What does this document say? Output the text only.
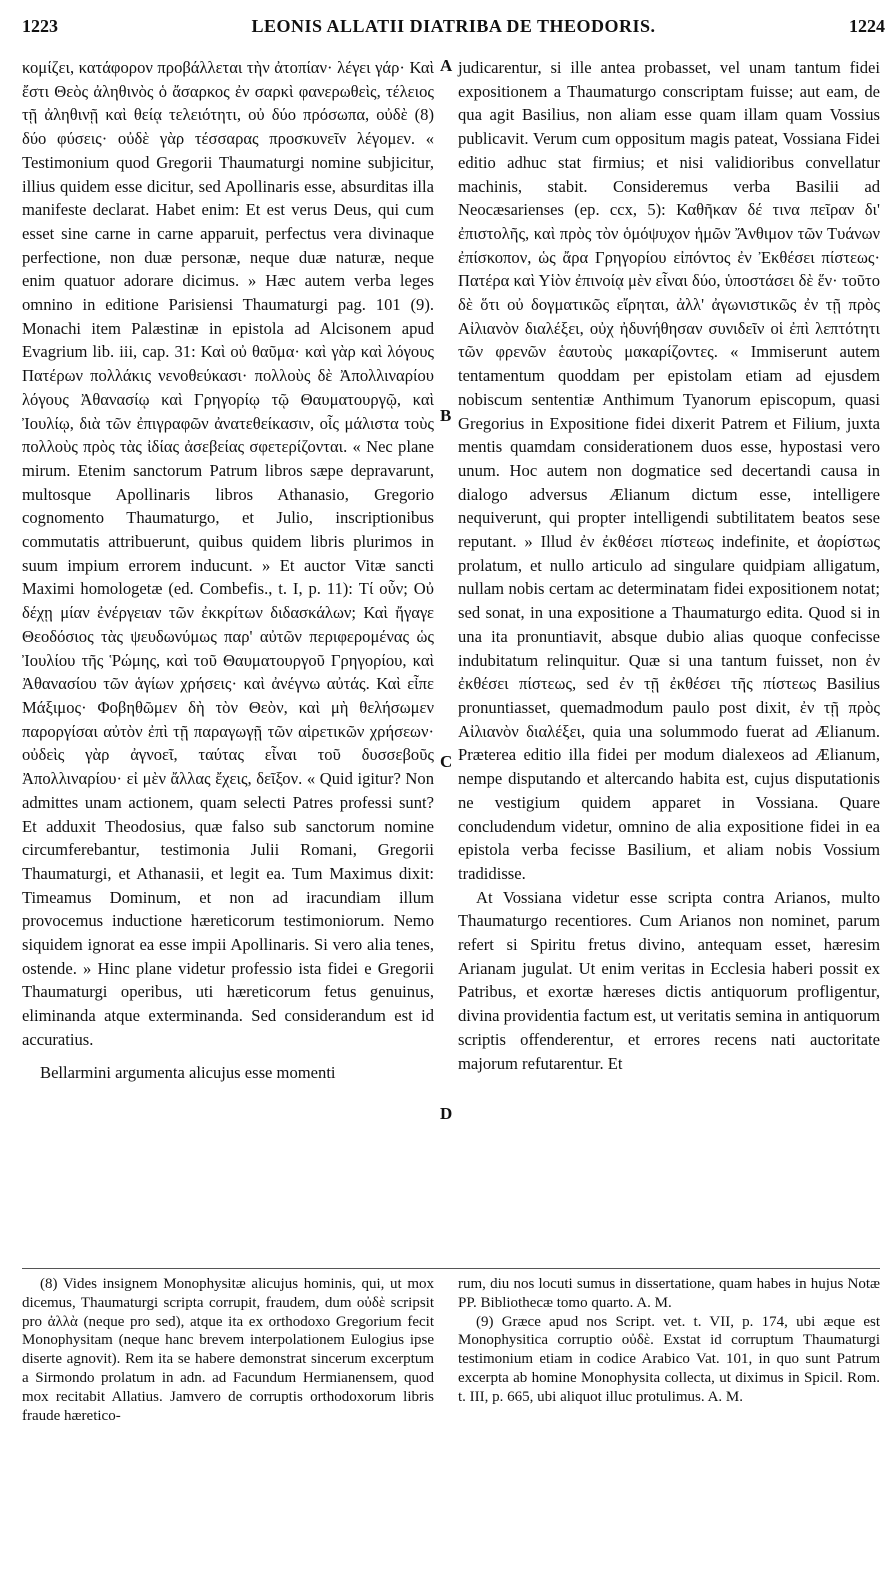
1223	LEONIS ALLATII DIATRIBA DE THEODORIS.	1224

κομίζει, κατάφορον προβάλλεται τὴν ἀτοπίαν· λέγει γάρ· Καὶ ἔστι Θεὸς ἀληθινὸς ὁ ἄσαρκος ἐν σαρκὶ φανερωθεὶς, τέλειος τῇ ἀληθινῇ καὶ θείᾳ τελειότητι, οὐ δύο πρόσωπα, οὐδὲ (8) δύο φύσεις· οὐδὲ γὰρ τέσσαρας προσκυνεῖν λέγομεν. « Testimonium quod Gregorii Thaumaturgi nomine subjicitur, illius quidem esse dicitur, sed Apollinaris esse, absurditas illa manifeste declarat. Habet enim: Et est verus Deus, qui cum esset sine carne in carne apparuit, perfectus vera divinaque perfectione, non duæ personæ, neque duæ naturæ, neque enim quatuor adorare dicimus. » Hæc autem verba leges omnino in editione Parisiensi Thaumaturgi pag. 101 (9). Monachi item Palæstinæ in epistola ad Alcisonem apud Evagrium lib. iii, cap. 31: Καὶ οὐ θαῦμα· καὶ γὰρ καὶ λόγους Πατέρων πολλάκις νενοθεύκασι· πολλοὺς δὲ Ἀπολλιναρίου λόγους Ἀθανασίῳ καὶ Γρηγορίῳ τῷ Θαυματουργῷ, καὶ Ἰουλίῳ, διὰ τῶν ἐπιγραφῶν ἀνατεθείκασιν, οἷς μάλιστα τοὺς πολλοὺς πρὸς τὰς ἰδίας ἀσεβείας σφετερίζονται. « Nec plane mirum. Etenim sanctorum Patrum libros sæpe depravarunt, multosque Apollinaris libros Athanasio, Gregorio cognomento Thaumaturgo, et Julio, inscriptionibus commutatis attribuerunt, quibus quidem libris plurimos in suum impium errorem inducunt. » Et auctor Vitæ sancti Maximi homologetæ (ed. Combefis., t. I, p. 11): Τί οὖν; Οὐ δέχῃ μίαν ἐνέργειαν τῶν ἐκκρίτων διδασκάλων; Καὶ ἤγαγε Θεοδόσιος τὰς ψευδωνύμως παρ' αὐτῶν περιφερομένας ὡς Ἰουλίου τῆς Ῥώμης, καὶ τοῦ Θαυματουργοῦ Γρηγορίου, καὶ Ἀθανασίου τῶν ἁγίων χρήσεις· καὶ ἀνέγνω αὐτάς. Καὶ εἶπε Μάξιμος· Φοβηθῶμεν δὴ τὸν Θεὸν, καὶ μὴ θελήσωμεν παροργίσαι αὐτὸν ἐπὶ τῇ παραγωγῇ τῶν αἱρετικῶν χρήσεων· οὐδεὶς γὰρ ἀγνοεῖ, ταύτας εἶναι τοῦ δυσσεβοῦς Ἀπολλιναρίου· εἰ μὲν ἄλλας ἔχεις, δεῖξον. « Quid igitur? Non admittes unam actionem, quam selecti Patres professi sunt? Et adduxit Theodosius, quæ falso sub sanctorum nomine circumferebantur, testimonia Julii Romani, Gregorii Thaumaturgi, et Athanasii, et legit ea. Tum Maximus dixit: Timeamus Dominum, et non ad iracundiam illum provocemus inductione hæreticorum testimoniorum. Nemo siquidem ignorat ea esse impii Apollinaris. Si vero alia tenes, ostende. » Hinc plane videtur professio ista fidei e Gregorii Thaumaturgi operibus, uti hæreticorum fetus genuinus, eliminanda atque exterminanda. Sed considerandum est id accuratius.

Bellarmini argumenta alicujus esse momenti

A
B
C
D

judicarentur, si ille antea probasset, vel unam tantum fidei expositionem a Thaumaturgo conscriptam fuisse; aut eam, de qua agit Basilius, non aliam esse quam illam quam Vossius publicavit. Verum cum oppositum magis pateat, Vossiana Fidei editio adhuc stat firmius; et nisi validioribus convellatur machinis, stabit. Consideremus verba Basilii ad Neocæsarienses (ep. ccx, 5): Καθῆκαν δέ τινα πεῖραν δι' ἐπιστολῆς, καὶ πρὸς τὸν ὁμόψυχον ἡμῶν Ἄνθιμον τῶν Τυάνων ἐπίσκοπον, ὡς ἄρα Γρηγορίου εἰπόντος ἐν Ἐκθέσει πίστεως· Πατέρα καὶ Υἱὸν ἐπινοίᾳ μὲν εἶναι δύο, ὑποστάσει δὲ ἕν· τοῦτο δὲ ὅτι οὐ δογματικῶς εἴρηται, ἀλλ' ἀγωνιστικῶς ἐν τῇ πρὸς Αἰλιανὸν διαλέξει, οὐχ ἠδυνήθησαν συνιδεῖν οἱ ἐπὶ λεπτότητι τῶν φρενῶν ἑαυτοὺς μακαρίζοντες. « Immiserunt autem tentamentum quoddam per epistolam etiam ad ejusdem nobiscum sententiæ Anthimum Tyanorum episcopum, quasi Gregorius in Expositione fidei dixerit Patrem et Filium, juxta mentis quamdam considerationem duos esse, hypostasi vero unum. Hoc autem non dogmatice sed decertandi causa in dialogo adversus Ælianum dictum esse, intelligere nequiverunt, qui propter intelligendi subtilitatem beatos sese reputant. » Illud ἐν ἐκθέσει πίστεως indefinite, et ἀορίστως prolatum, et nullo articulo ad singulare quidpiam alligatum, nullam nobis certam ac determinatam fidei expositionem notat; sed sonat, in una expositione a Thaumaturgo edita. Quod si in una ita pronuntiavit, absque dubio alias quoque confecisse indubitatum relinquitur. Quæ si una tantum fuisset, non ἐν ἐκθέσει πίστεως, sed ἐν τῇ ἐκθέσει τῆς πίστεως Basilius pronuntiasset, quemadmodum paulo post dixit, ἐν τῇ πρὸς Αἰλιανὸν διαλέξει, quia una solummodo fuerat ad Ælianum. Præterea editio illa fidei per modum dialexeos ad Ælianum, nempe disputando et altercando habita est, cujus disputationis ne vestigium quidem apparet in Vossiana. Quare concludendum videtur, omnino de alia expositione fidei in ea epistola verba fecisse Basilium, et aliam nobis Vossium tradidisse.

At Vossiana videtur esse scripta contra Arianos, multo Thaumaturgo recentiores. Cum Arianos non nominet, parum refert si Spiritu fretus divino, antequam esset, hæresim Arianam jugulat. Ut enim veritas in Ecclesia haberi possit ex Patribus, et exortæ hæreses dictis antiquorum profligentur, divina providentia factum est, ut veritatis semina in antiquorum scriptis offenderentur, et errores recens nati auctoritate majorum refutarentur. Et

(8) Vides insignem Monophysitæ alicujus hominis, qui, ut mox dicemus, Thaumaturgi scripta corrupit, fraudem, dum οὐδὲ scripsit pro ἀλλὰ (neque pro sed), atque ita ex orthodoxo Gregorium fecit Monophysitam (neque hanc brevem interpolationem Eulogius ipse diserte agnovit). Rem ita se habere demonstrat sincerum excerptum a Sirmondo prolatum in adn. ad Facundum Hermianensem, quod mox recitabit Allatius. Jamvero de corruptis orthodoxorum libris fraude hæretico-

rum, diu nos locuti sumus in dissertatione, quam habes in hujus Notæ PP. Bibliothecæ tomo quarto. A. M.

(9) Græce apud nos Script. vet. t. VII, p. 174, ubi æque est Monophysitica corruptio οὐδὲ. Exstat id corruptum Thaumaturgi testimonium etiam in codice Arabico Vat. 101, in quo sunt Patrum excerpta ab homine Monophysita collecta, ut diximus in Spicil. Rom. t. III, p. 665, ubi aliquot illuc protulimus. A. M.
